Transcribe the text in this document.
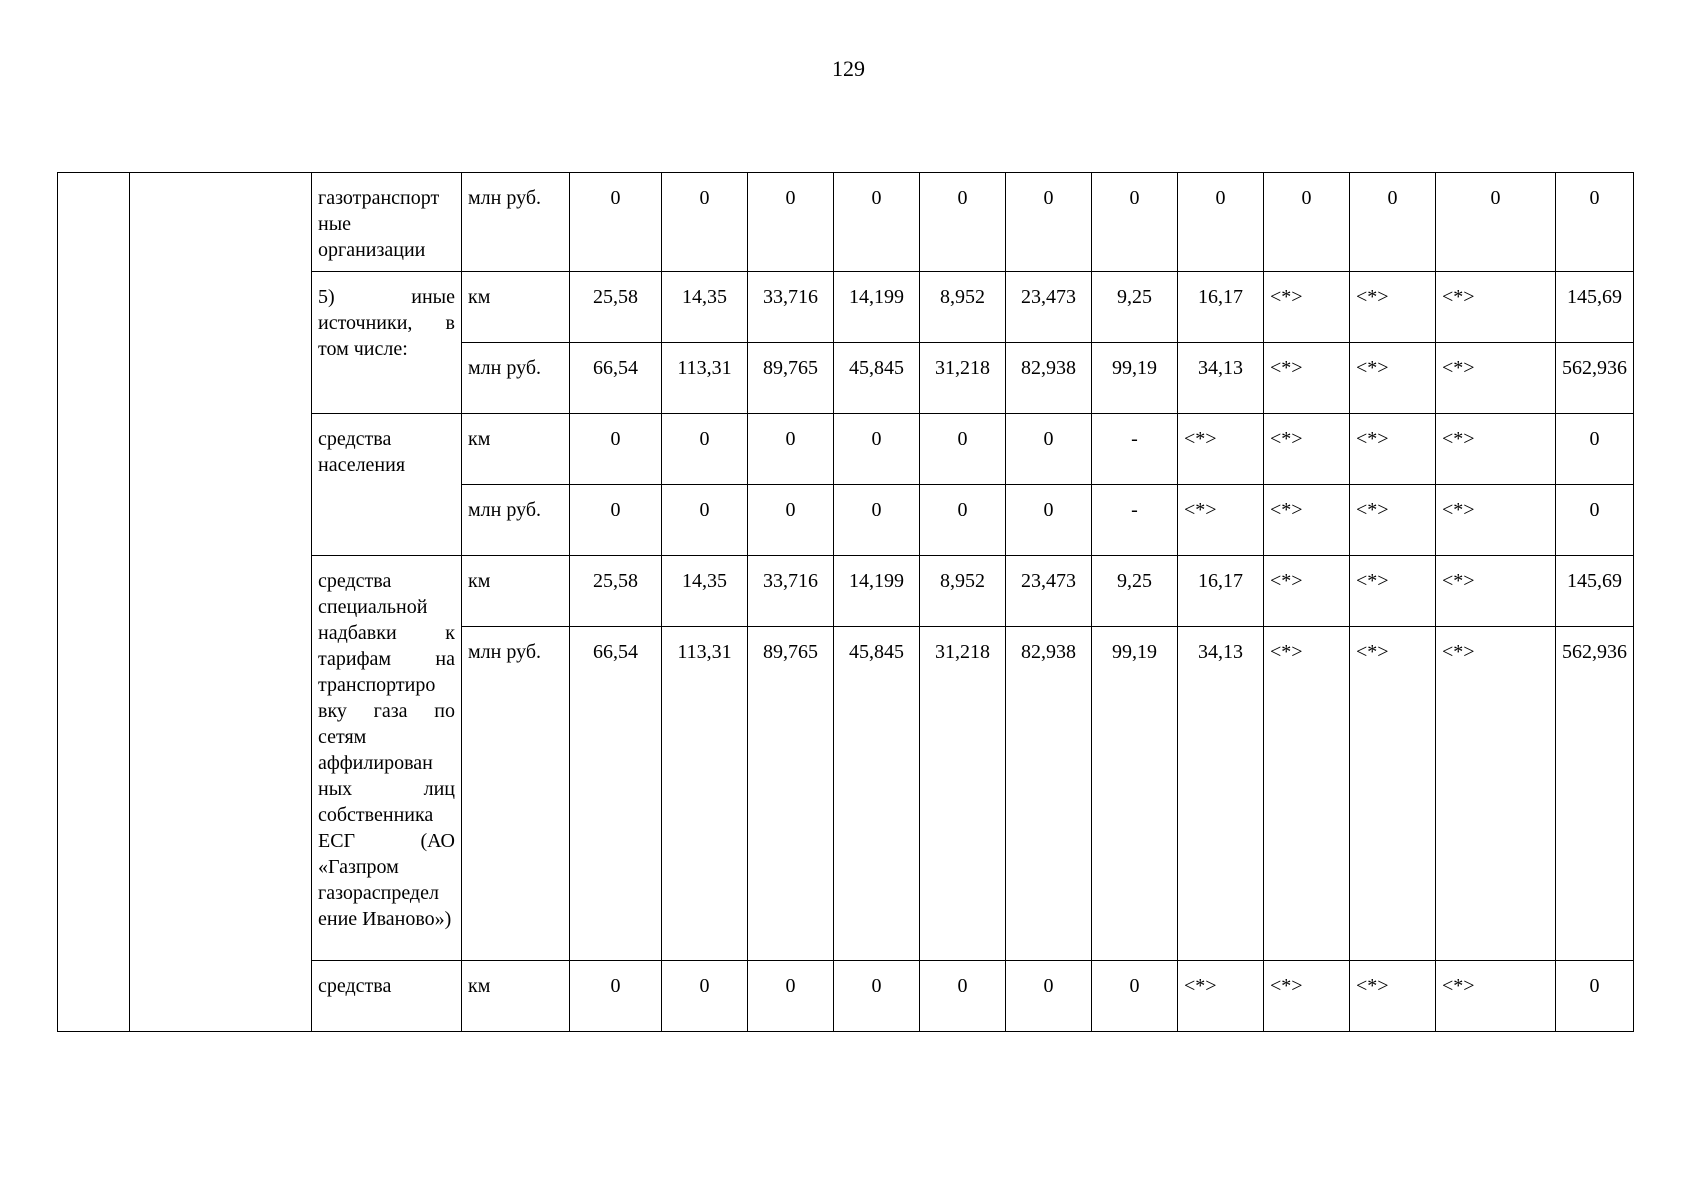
129
		газотранспорт ные организации	млн руб.	0	0	0	0	0	0	0	0	0	0	0	0
		5) иные источники, в том числе:	км	25,58	14,35	33,716	14,199	8,952	23,473	9,25	16,17	<*>	<*>	<*>	145,69
			млн руб.	66,54	113,31	89,765	45,845	31,218	82,938	99,19	34,13	<*>	<*>	<*>	562,936
		средства населения	км	0	0	0	0	0	0	-	<*>	<*>	<*>	<*>	0
			млн руб.	0	0	0	0	0	0	-	<*>	<*>	<*>	<*>	0
		средства специальной надбавки к тарифам на транспортиро вку газа по сетям аффилирован ных лиц собственника ЕСГ (АО «Газпром газораспредел ение Иваново»)	км	25,58	14,35	33,716	14,199	8,952	23,473	9,25	16,17	<*>	<*>	<*>	145,69
			млн руб.	66,54	113,31	89,765	45,845	31,218	82,938	99,19	34,13	<*>	<*>	<*>	562,936
		средства	км	0	0	0	0	0	0	0	<*>	<*>	<*>	<*>	0
